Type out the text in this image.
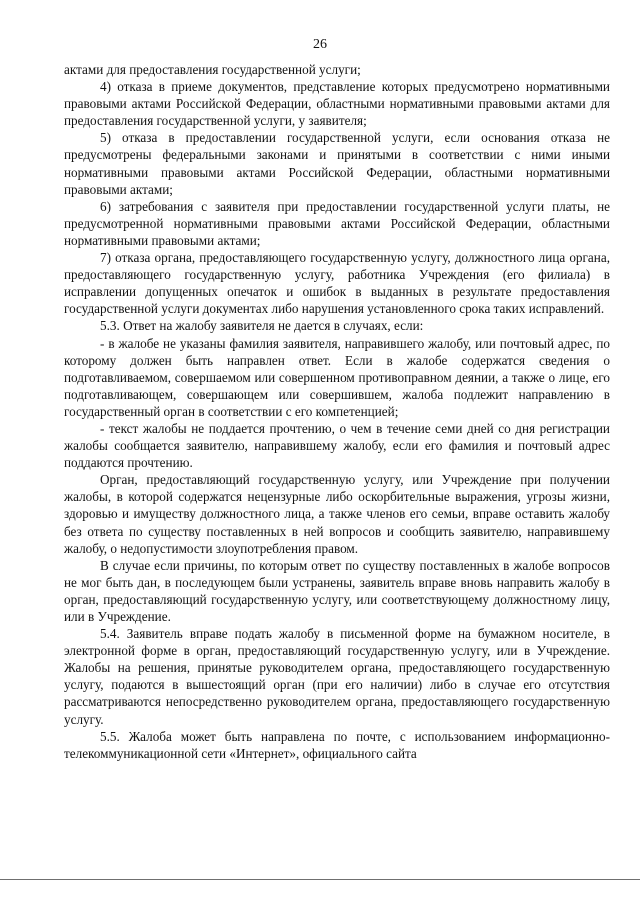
26

актами для предоставления государственной услуги;

4) отказа в приеме документов, представление которых предусмотрено нормативными правовыми актами Российской Федерации, областными нормативными правовыми актами для предоставления государственной услуги, у заявителя;

5) отказа в предоставлении государственной услуги, если основания отказа не предусмотрены федеральными законами и принятыми в соответствии с ними иными нормативными правовыми актами Российской Федерации, областными нормативными правовыми актами;

6) затребования с заявителя при предоставлении государственной услуги платы, не предусмотренной нормативными правовыми актами Российской Федерации, областными нормативными правовыми актами;

7) отказа органа, предоставляющего государственную услугу, должностного лица органа, предоставляющего государственную услугу, работника Учреждения (его филиала) в исправлении допущенных опечаток и ошибок в выданных в результате предоставления государственной услуги документах либо нарушения установленного срока таких исправлений.

5.3. Ответ на жалобу заявителя не дается в случаях, если:

- в жалобе не указаны фамилия заявителя, направившего жалобу, или почтовый адрес, по которому должен быть направлен ответ. Если в жалобе содержатся сведения о подготавливаемом, совершаемом или совершенном противоправном деянии, а также о лице, его подготавливающем, совершающем или совершившем, жалоба подлежит направлению в государственный орган в соответствии с его компетенцией;

- текст жалобы не поддается прочтению, о чем в течение семи дней со дня регистрации жалобы сообщается заявителю, направившему жалобу, если его фамилия и почтовый адрес поддаются прочтению.

Орган, предоставляющий государственную услугу, или Учреждение при получении жалобы, в которой содержатся нецензурные либо оскорбительные выражения, угрозы жизни, здоровью и имуществу должностного лица, а также членов его семьи, вправе оставить жалобу без ответа по существу поставленных в ней вопросов и сообщить заявителю, направившему жалобу, о недопустимости злоупотребления правом.

В случае если причины, по которым ответ по существу поставленных в жалобе вопросов не мог быть дан, в последующем были устранены, заявитель вправе вновь направить жалобу в орган, предоставляющий государственную услугу, или соответствующему должностному лицу, или в Учреждение.

5.4. Заявитель вправе подать жалобу в письменной форме на бумажном носителе, в электронной форме в орган, предоставляющий государственную услугу, или в Учреждение. Жалобы на решения, принятые руководителем органа, предоставляющего государственную услугу, подаются в вышестоящий орган (при его наличии) либо в случае его отсутствия рассматриваются непосредственно руководителем органа, предоставляющего государственную услугу.

5.5. Жалоба может быть направлена по почте, с использованием информационно-телекоммуникационной сети «Интернет», официального сайта
